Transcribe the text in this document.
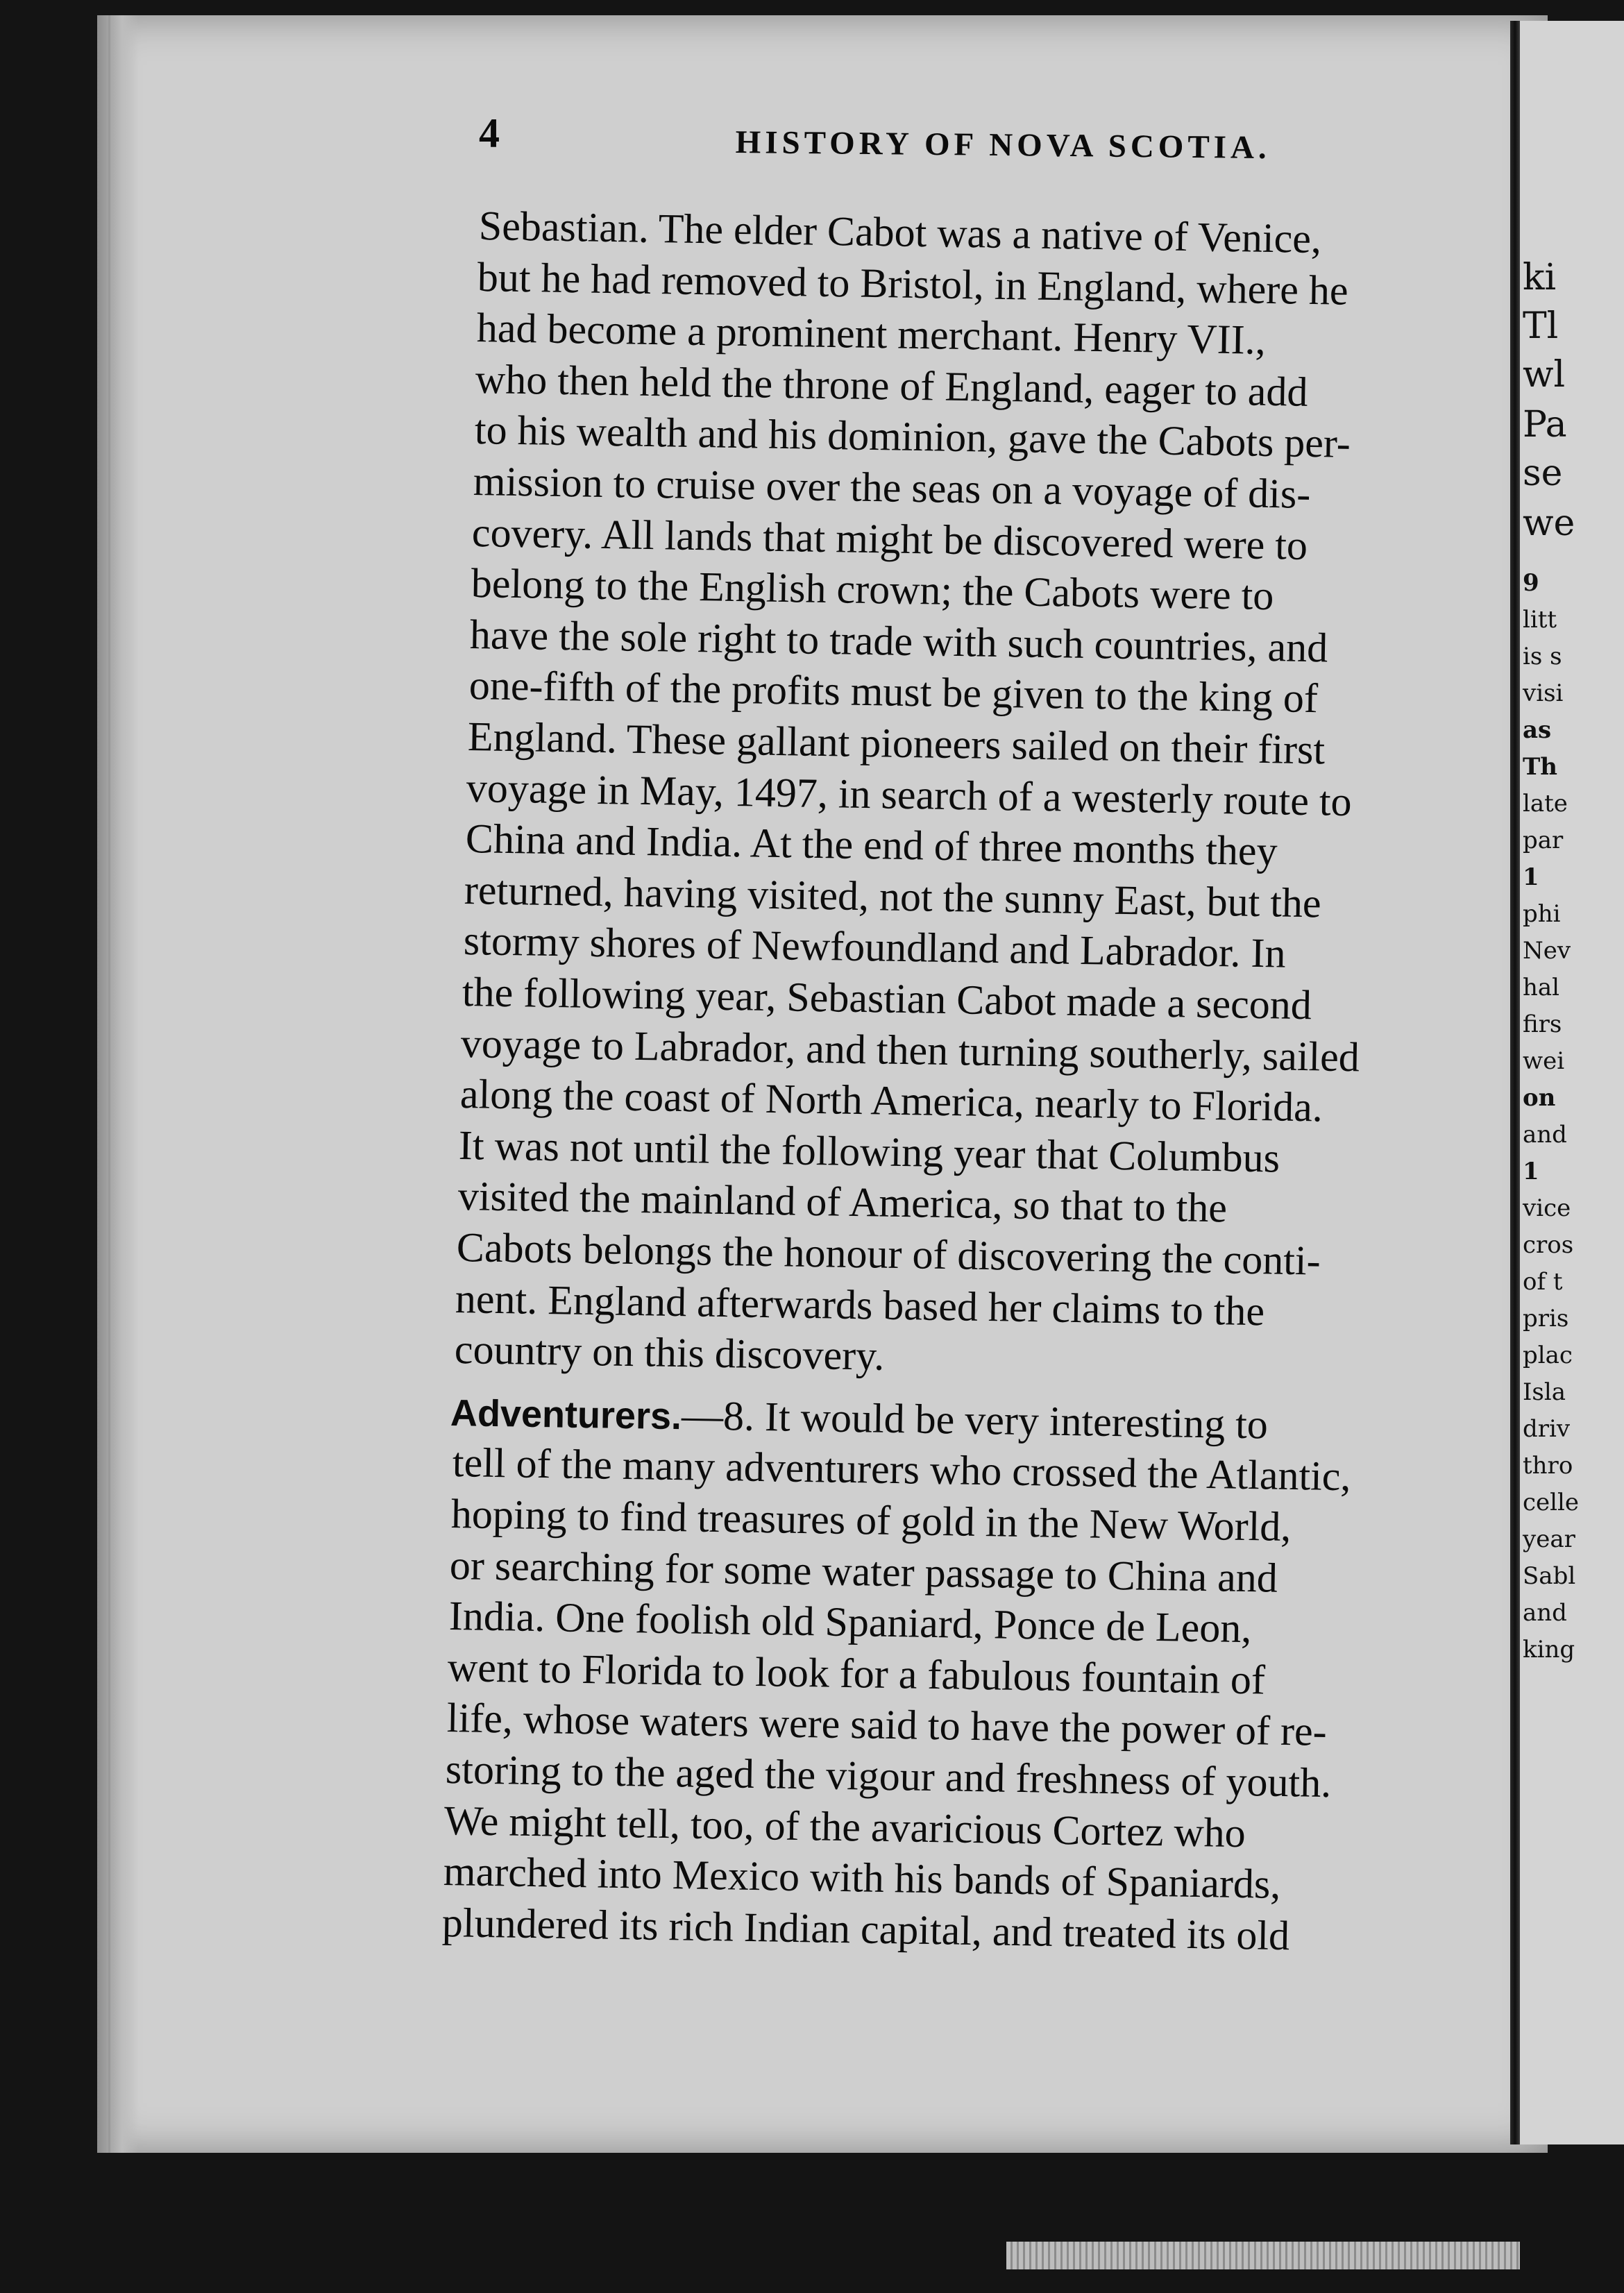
4	HISTORY OF NOVA SCOTIA.
Sebastian. The elder Cabot was a native of Venice,
but he had removed to Bristol, in England, where he
had become a prominent merchant. Henry VII.,
who then held the throne of England, eager to add
to his wealth and his dominion, gave the Cabots per-
mission to cruise over the seas on a voyage of dis-
covery. All lands that might be discovered were to
belong to the English crown; the Cabots were to
have the sole right to trade with such countries, and
one-fifth of the profits must be given to the king of
England. These gallant pioneers sailed on their first
voyage in May, 1497, in search of a westerly route to
China and India. At the end of three months they
returned, having visited, not the sunny East, but the
stormy shores of Newfoundland and Labrador. In
the following year, Sebastian Cabot made a second
voyage to Labrador, and then turning southerly, sailed
along the coast of North America, nearly to Florida.
It was not until the following year that Columbus
visited the mainland of America, so that to the
Cabots belongs the honour of discovering the conti-
nent. England afterwards based her claims to the
country on this discovery.
Adventurers.—8. It would be very interesting to
tell of the many adventurers who crossed the Atlantic,
hoping to find treasures of gold in the New World,
or searching for some water passage to China and
India. One foolish old Spaniard, Ponce de Leon,
went to Florida to look for a fabulous fountain of
life, whose waters were said to have the power of re-
storing to the aged the vigour and freshness of youth.
We might tell, too, of the avaricious Cortez who
marched into Mexico with his bands of Spaniards,
plundered its rich Indian capital, and treated its old
ki
Tl
wl
Pa
se
we
9
litt
is s
visi
as
Th
late
par
1
phi
Nev
hal
firs
wei
on
and
1
vice
cros
of t
pris
plac
Isla
driv
thro
celle
year
Sabl
and
king
